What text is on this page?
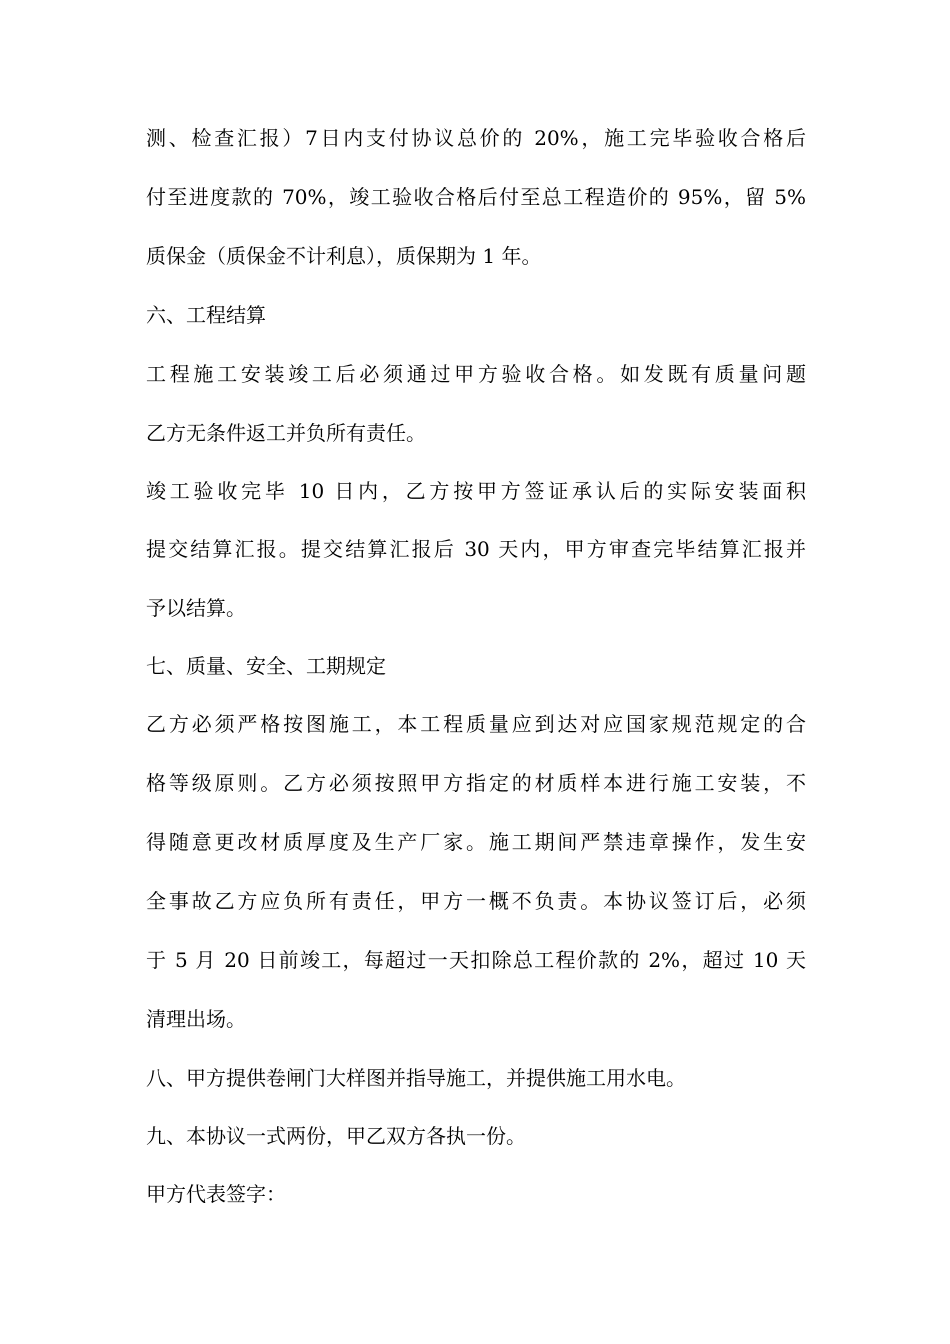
测、检查汇报）7日内支付协议总价的 20%，施工完毕验收合格后
付至进度款的 70%，竣工验收合格后付至总工程造价的 95%，留 5%
质保金（质保金不计利息），质保期为 1 年。
六、工程结算
工程施工安装竣工后必须通过甲方验收合格。如发既有质量问题
乙方无条件返工并负所有责任。
竣工验收完毕 10 日内，乙方按甲方签证承认后的实际安装面积
提交结算汇报。提交结算汇报后 30 天内，甲方审查完毕结算汇报并
予以结算。
七、质量、安全、工期规定
乙方必须严格按图施工，本工程质量应到达对应国家规范规定的合
格等级原则。乙方必须按照甲方指定的材质样本进行施工安装，不
得随意更改材质厚度及生产厂家。施工期间严禁违章操作，发生安
全事故乙方应负所有责任，甲方一概不负责。本协议签订后，必须
于 5 月 20 日前竣工，每超过一天扣除总工程价款的 2%，超过 10 天
清理出场。
八、甲方提供卷闸门大样图并指导施工，并提供施工用水电。
九、本协议一式两份，甲乙双方各执一份。
甲方代表签字：
